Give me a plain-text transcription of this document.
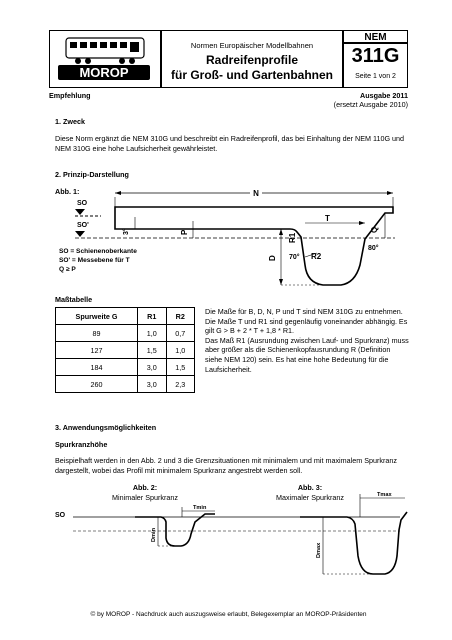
MOROP
Normen Europäischer Modellbahnen
Radreifenprofile
für Groß- und Gartenbahnen
NEM
311G
Seite 1 von 2
Empfehlung	Ausgabe 2011
(ersetzt Ausgabe 2010)
1. Zweck
Diese Norm ergänzt die NEM 310G und beschreibt ein Radreifenprofil, das bei Einhaltung der NEM 110G und NEM 310G eine hohe Laufsicherheit gewährleistet.
2. Prinzip-Darstellung
Abb. 1:
SO
SO'
N
3°	P
D
R1
T
R2
70°
80°
Q
SO = Schienenoberkante
SO' = Messebene für T
Q ≥ P
Maßtabelle
Spurweite G	R1	R2
89	1,0	0,7
127	1,5	1,0
184	3,0	1,5
260	3,0	2,3
Die Maße für B, D, N, P und T sind NEM 310G zu entnehmen.
Die Maße T und R1 sind gegenläufig voneinander abhängig. Es gilt G > B + 2 * T + 1,8 * R1.
Das Maß R1 (Ausrundung zwischen Lauf- und Spurkranz) muss aber größer als die Schienenkopfausrundung R (Definition siehe NEM 120) sein. Es hat eine hohe Bedeutung für die Laufsicherheit.
3. Anwendungsmöglichkeiten
Spurkranzhöhe
Beispielhaft werden in den Abb. 2 und 3 die Grenzsituationen mit minimalem und mit maximalem Spurkranz dargestellt, wobei das Profil mit minimalem Spurkranz angestrebt werden soll.
Abb. 2:
Minimaler Spurkranz
Abb. 3:
Maximaler Spurkranz
SO
Dmin
Tmin
Dmax
Tmax
© by MOROP - Nachdruck auch auszugsweise erlaubt, Belegexemplar an MOROP-Präsidenten
